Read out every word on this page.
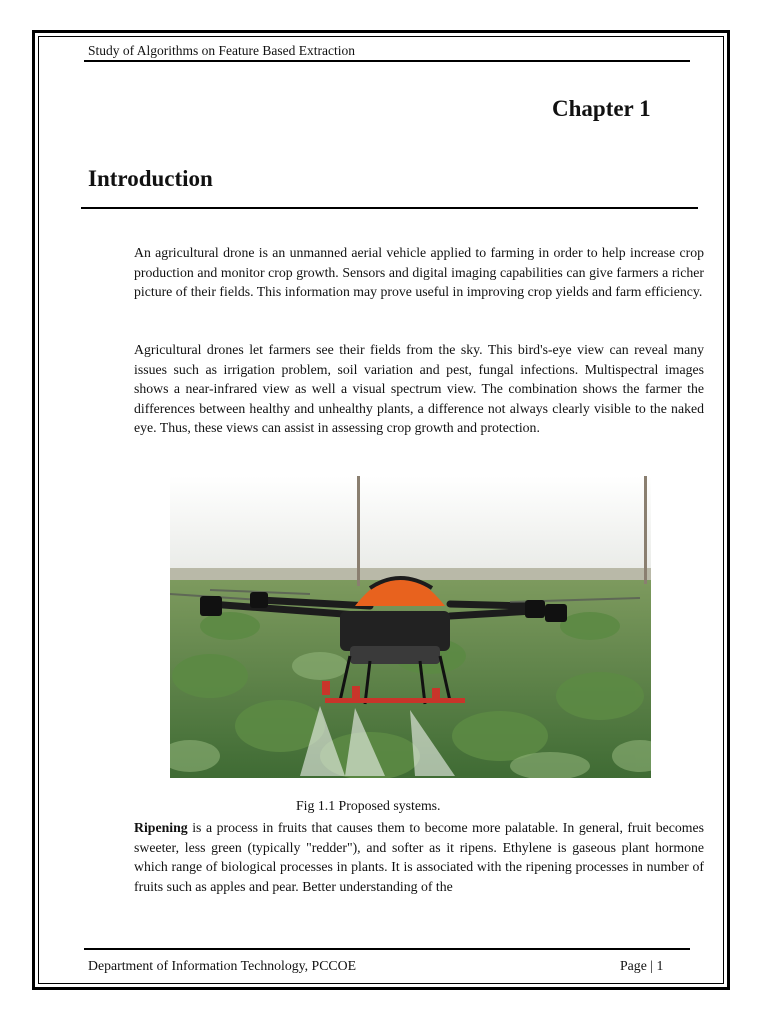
Study of Algorithms on Feature Based Extraction
Chapter 1
Introduction
An agricultural drone is an unmanned aerial vehicle applied to farming in order to help increase crop production and monitor crop growth. Sensors and digital imaging capabilities can give farmers a richer picture of their fields. This information may prove useful in improving crop yields and farm efficiency.
Agricultural drones let farmers see their fields from the sky. This bird's-eye view can reveal many issues such as irrigation problem, soil variation and pest, fungal infections. Multispectral images shows a near-infrared view as well a visual spectrum view. The combination shows the farmer the differences between healthy and unhealthy plants, a difference not always clearly visible to the naked eye. Thus, these views can assist in assessing crop growth and protection.
Fig 1.1 Proposed systems.
Ripening is a process in fruits that causes them to become more palatable. In general, fruit becomes sweeter, less green (typically "redder"), and softer as it ripens. Ethylene is gaseous plant hormone which range of biological processes in plants. It is associated with the ripening processes in number of fruits such as apples and pear. Better understanding of the
Department of Information Technology, PCCOE	Page | 1
